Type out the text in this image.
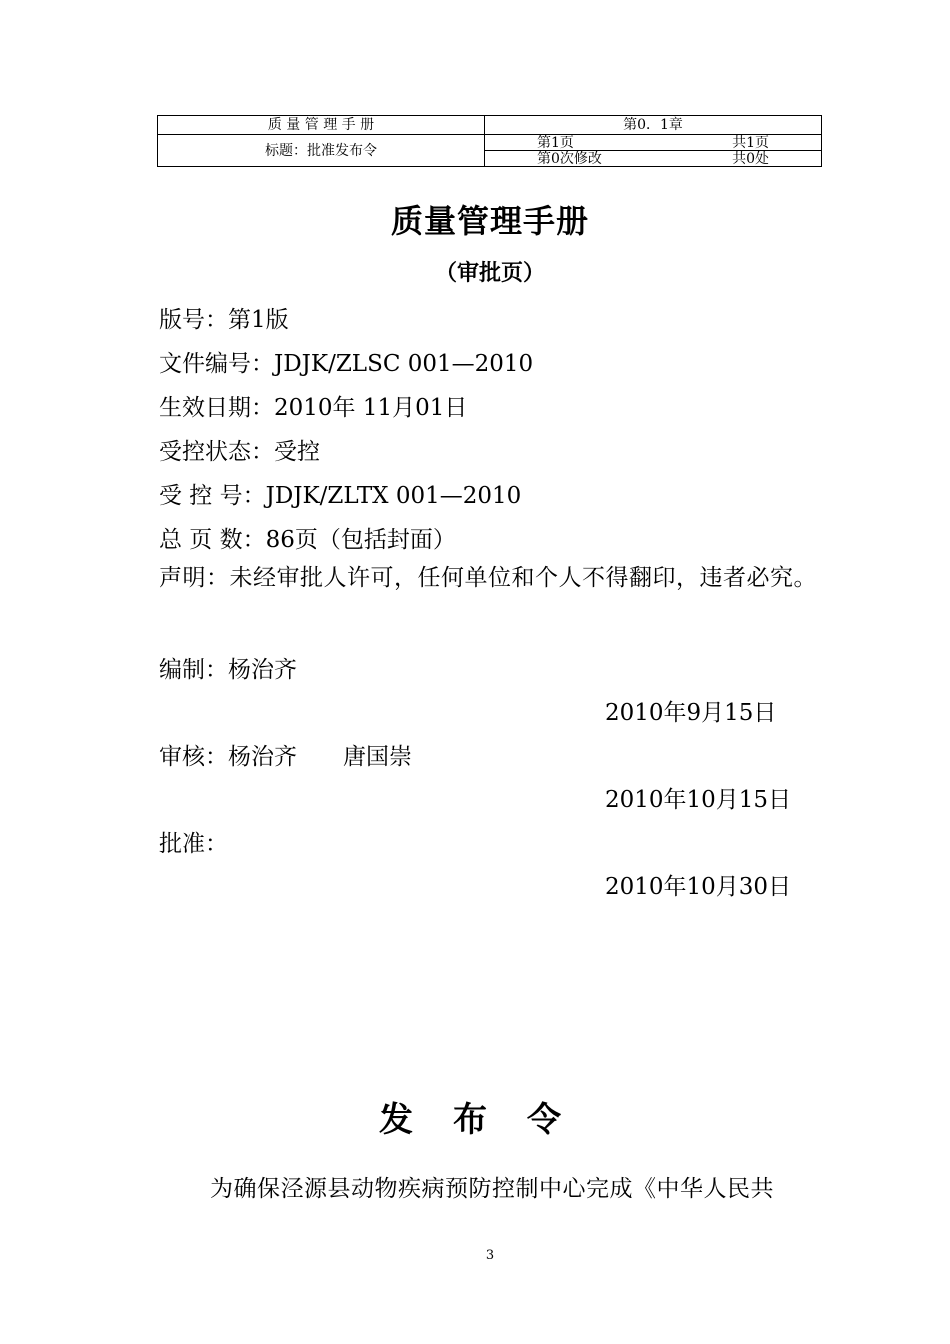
质 量 管 理 手 册	第0．1章
标题：批准发布令	第1页 共1页

	第0次修改 共0处
质量管理手册
（审批页）
版号：第1版
文件编号：JDJK/ZLSC 001—2010
生效日期：2010年 11月01日
受控状态：受控
受 控 号：JDJK/ZLTX 001—2010
总 页 数：86页（包括封面）
声明：未经审批人许可，任何单位和个人不得翻印，违者必究。
编制：杨治齐
2010年9月15日
审核：杨治齐　　唐国崇
2010年10月15日
批准：
2010年10月30日
发布令
为确保泾源县动物疾病预防控制中心完成《中华人民共
3
